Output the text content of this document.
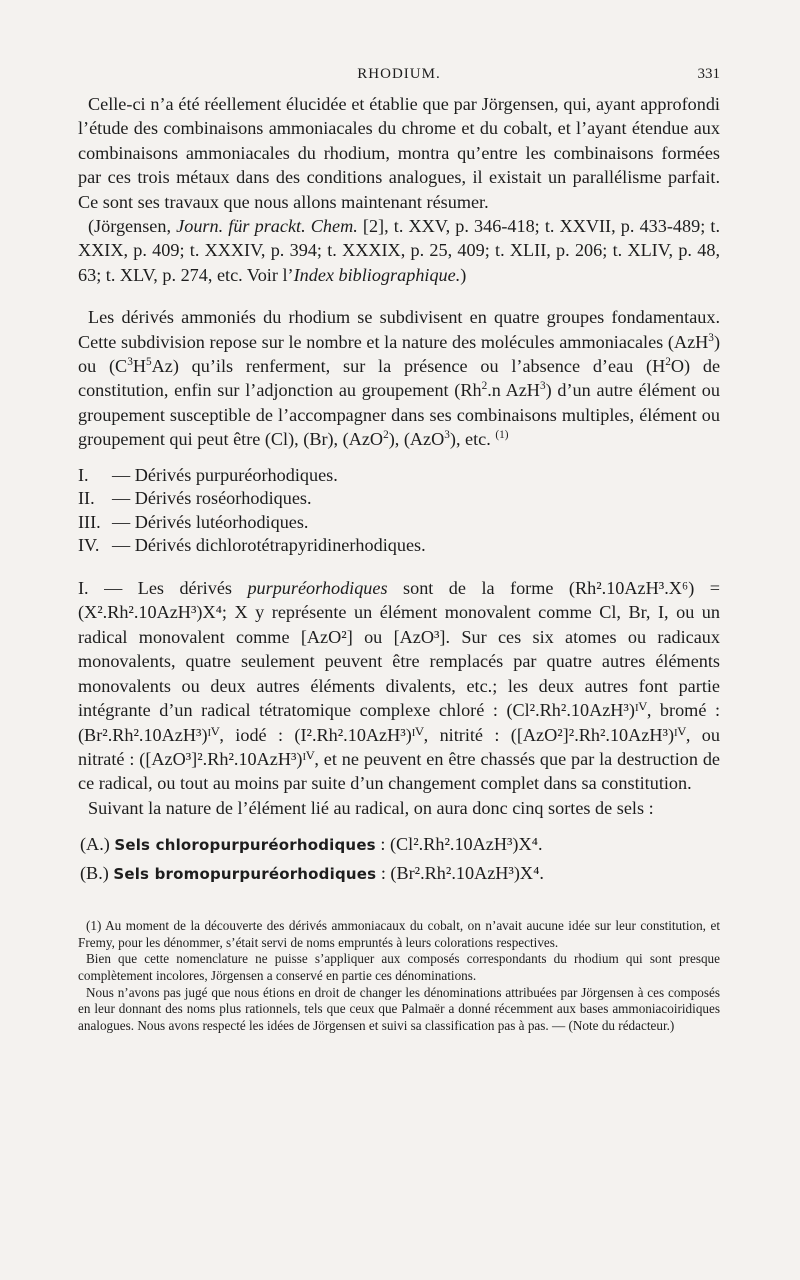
RHODIUM.	331

Celle-ci n’a été réellement élucidée et établie que par Jörgensen, qui, ayant approfondi l’étude des combinaisons ammoniacales du chrome et du cobalt, et l’ayant étendue aux combinaisons ammoniacales du rhodium, montra qu’entre les combinaisons formées par ces trois métaux dans des conditions analogues, il existait un parallélisme parfait. Ce sont ses travaux que nous allons maintenant résumer.

(Jörgensen, Journ. für prackt. Chem. [2], t. XXV, p. 346-418; t. XXVII, p. 433-489; t. XXIX, p. 409; t. XXXIV, p. 394; t. XXXIX, p. 25, 409; t. XLII, p. 206; t. XLIV, p. 48, 63; t. XLV, p. 274, etc. Voir l’Index bibliographique.)

Les dérivés ammoniés du rhodium se subdivisent en quatre groupes fondamentaux. Cette subdivision repose sur le nombre et la nature des molécules ammoniacales (AzH$^3$) ou $(C^3H^5Az)$ qu’ils renferment, sur la présence ou l’absence d’eau $(H^2O)$ de constitution, enfin sur l’adjonction au groupement (Rh$^2$.n AzH$^3$) d’un autre élément ou groupement susceptible de l’accompagner dans ses combinaisons multiples, élément ou groupement qui peut être (Cl), (Br), (AzO$^2$), (AzO$^3$), etc. $^{(1)}$

I.	— Dérivés purpuréorhodiques.
II. — Dérivés roséorhodiques.
III. — Dérivés lutéorhodiques.
IV. — Dérivés dichlorotétrapyridinerhodiques.

I. — Les dérivés purpuréorhodiques sont de la forme (Rh².10AzH³.X⁶) = (X².Rh².10AzH³)X⁴; X y représente un élément monovalent comme Cl, Br, I, ou un radical monovalent comme [AzO²] ou [AzO³]. Sur ces six atomes ou radicaux monovalents, quatre seulement peuvent être remplacés par quatre autres éléments monovalents ou deux autres éléments divalents, etc.; les deux autres font partie intégrante d’un radical tétratomique complexe chloré : (Cl².Rh².10AzH³)ᴵⱽ, bromé : (Br².Rh².10AzH³)ᴵⱽ, iodé : (I².Rh².10AzH³)ᴵⱽ, nitrité : ([AzO²]².Rh².10AzH³)ᴵⱽ, ou nitraté : ([AzO³]².Rh².10AzH³)ᴵⱽ, et ne peuvent en être chassés que par la destruction de ce radical, ou tout au moins par suite d’un changement complet dans sa constitution.

Suivant la nature de l’élément lié au radical, on aura donc cinq sortes de sels :

(A.) Sels chloropurpuréorhodiques : (Cl².Rh².10AzH³)X⁴.
(B.) Sels bromopurpuréorhodiques : (Br².Rh².10AzH³)X⁴.

(1) Au moment de la découverte des dérivés ammoniacaux du cobalt, on n’avait aucune idée sur leur constitution, et Fremy, pour les dénommer, s’était servi de noms empruntés à leurs colorations respectives.

Bien que cette nomenclature ne puisse s’appliquer aux composés correspondants du rhodium qui sont presque complètement incolores, Jörgensen a conservé en partie ces dénominations.

Nous n’avons pas jugé que nous étions en droit de changer les dénominations attribuées par Jörgensen à ces composés en leur donnant des noms plus rationnels, tels que ceux que Palmaër a donné récemment aux bases ammoniacoiridiques analogues. Nous avons respecté les idées de Jörgensen et suivi sa classification pas à pas. — (Note du rédacteur.)
